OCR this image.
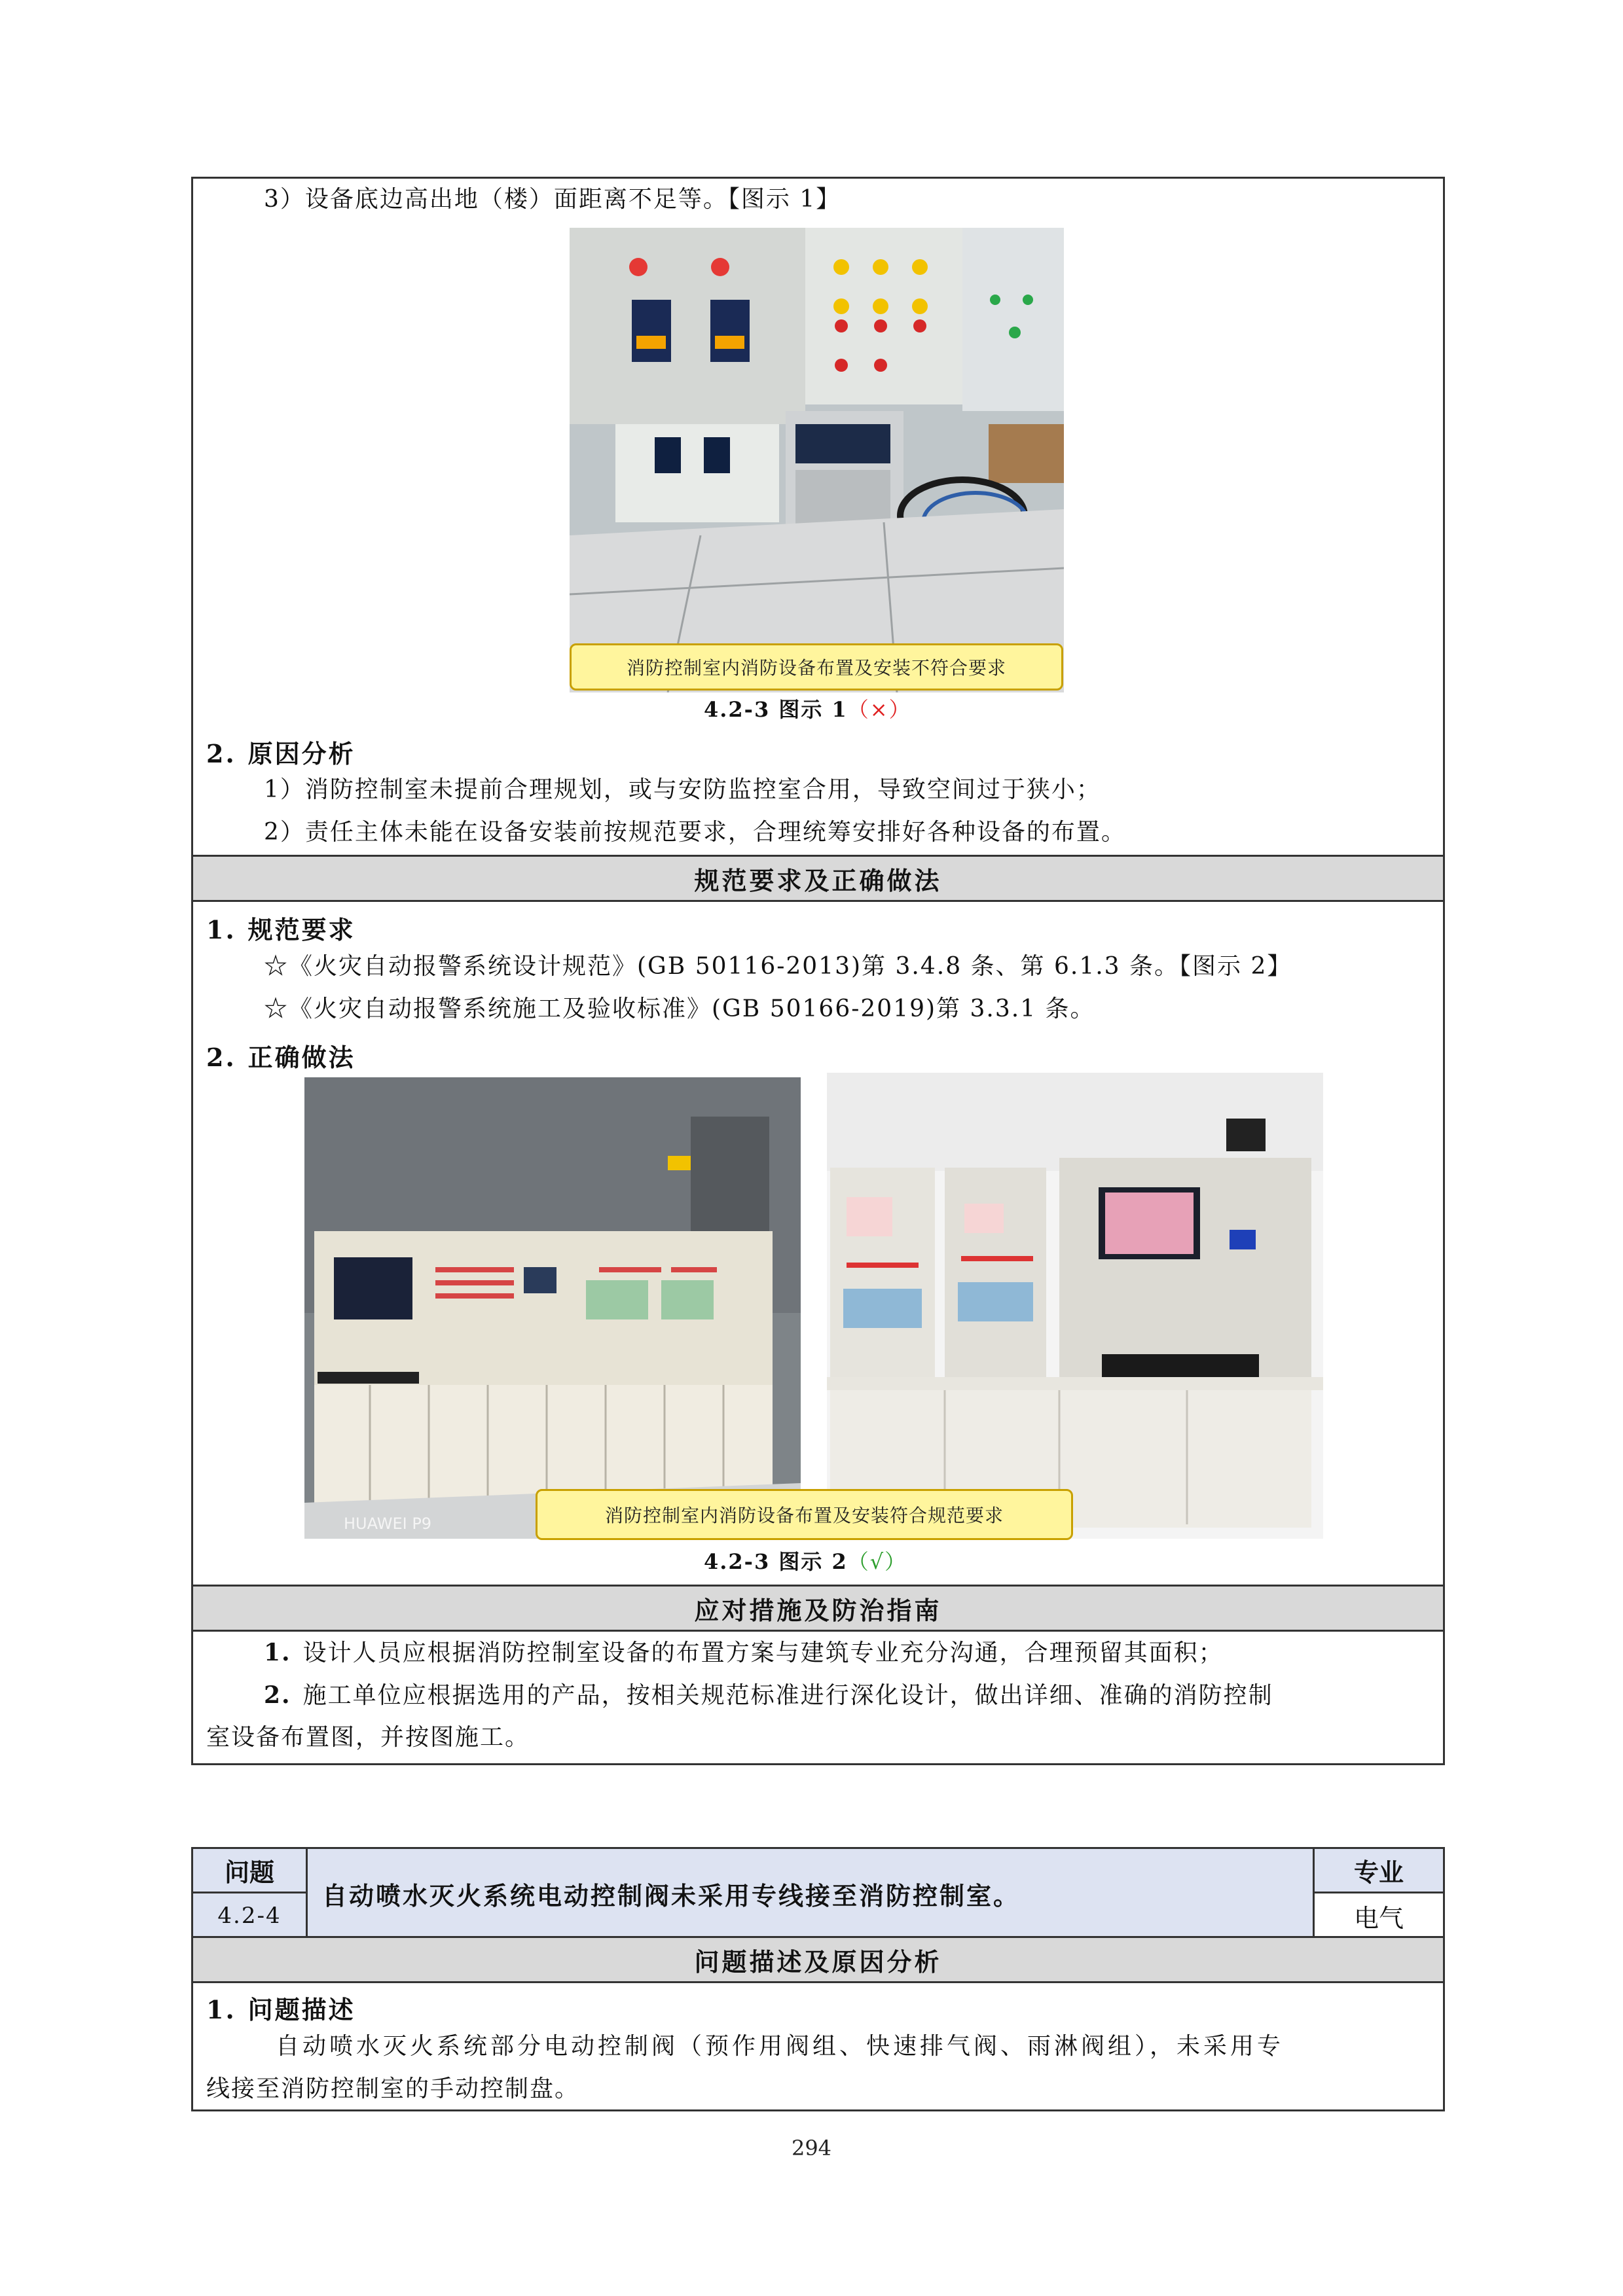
3）设备底边高出地（楼）面距离不足等。【图示 1】
消防控制室内消防设备布置及安装不符合要求
4.2-3 图示 1（×）
2. 原因分析
1）消防控制室未提前合理规划，或与安防监控室合用，导致空间过于狭小；
2）责任主体未能在设备安装前按规范要求，合理统筹安排好各种设备的布置。
规范要求及正确做法
1. 规范要求
☆《火灾自动报警系统设计规范》(GB 50116-2013)第 3.4.8 条、第 6.1.3 条。【图示 2】
☆《火灾自动报警系统施工及验收标准》(GB 50166-2019)第 3.3.1 条。
2. 正确做法
HUAWEI P9	消防控制室内消防设备布置及安装符合规范要求
4.2-3 图示 2（√）
应对措施及防治指南
1. 设计人员应根据消防控制室设备的布置方案与建筑专业充分沟通，合理预留其面积；
2. 施工单位应根据选用的产品，按相关规范标准进行深化设计，做出详细、准确的消防控制
室设备布置图，并按图施工。
问题
4.2-4
自动喷水灭火系统电动控制阀未采用专线接至消防控制室。
专业
电气
问题描述及原因分析
1. 问题描述
自动喷水灭火系统部分电动控制阀（预作用阀组、快速排气阀、雨淋阀组），未采用专
线接至消防控制室的手动控制盘。
294
